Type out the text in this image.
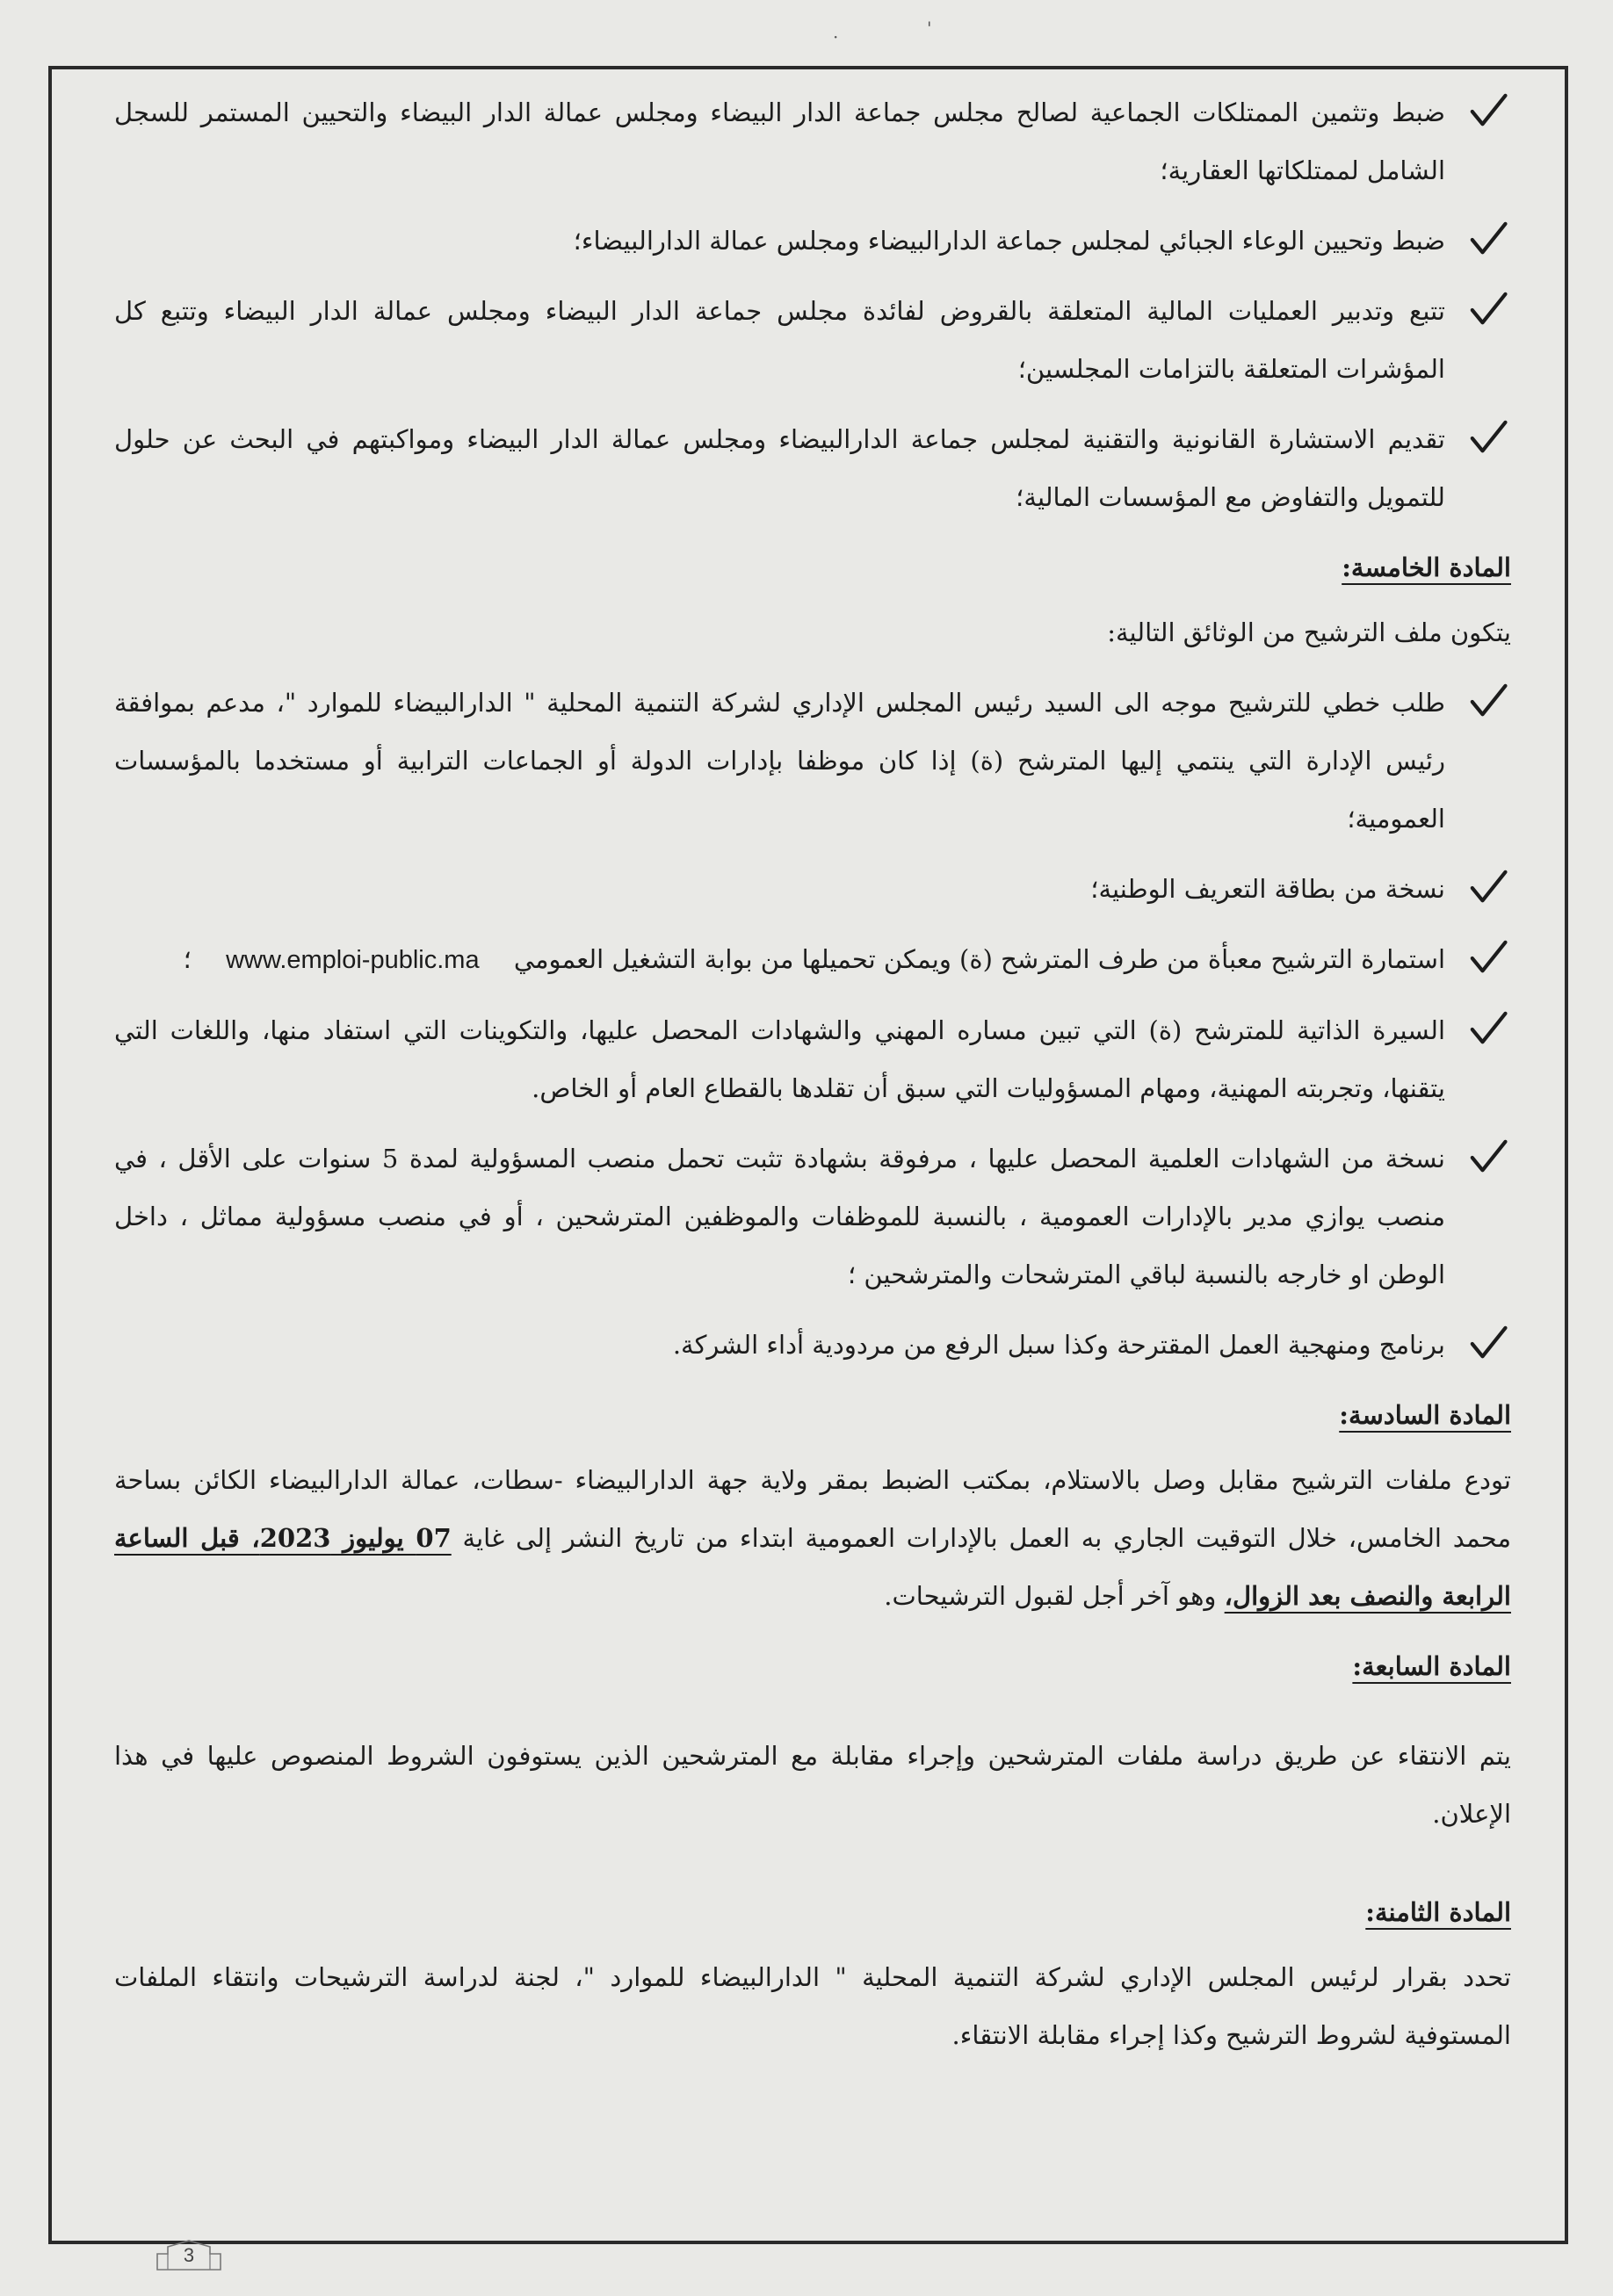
·	'
ضبط وتثمين الممتلكات الجماعية لصالح مجلس جماعة الدار البيضاء ومجلس عمالة الدار البيضاء والتحيين المستمر للسجل الشامل لممتلكاتها العقارية؛
ضبط وتحيين الوعاء الجبائي لمجلس جماعة الدارالبيضاء ومجلس عمالة الدارالبيضاء؛
تتبع وتدبير العمليات المالية المتعلقة بالقروض لفائدة مجلس جماعة الدار البيضاء ومجلس عمالة الدار البيضاء وتتبع كل المؤشرات المتعلقة بالتزامات المجلسين؛
تقديم الاستشارة القانونية والتقنية لمجلس جماعة الدارالبيضاء ومجلس عمالة الدار البيضاء ومواكبتهم في البحث عن حلول للتمويل والتفاوض مع المؤسسات المالية؛
المادة الخامسة:
يتكون ملف الترشيح من الوثائق التالية:
طلب خطي للترشيح موجه الى السيد رئيس المجلس الإداري لشركة التنمية المحلية " الدارالبيضاء للموارد "، مدعم بموافقة رئيس الإدارة التي ينتمي إليها المترشح (ة) إذا كان موظفا بإدارات الدولة أو الجماعات الترابية أو مستخدما بالمؤسسات العمومية؛
نسخة من بطاقة التعريف الوطنية؛
استمارة الترشيح معبأة من طرف المترشح (ة) ويمكن تحميلها من بوابة التشغيل العمومي www.emploi-public.ma ؛
السيرة الذاتية للمترشح (ة) التي تبين مساره المهني والشهادات المحصل عليها، والتكوينات التي استفاد منها، واللغات التي يتقنها، وتجربته المهنية، ومهام المسؤوليات التي سبق أن تقلدها بالقطاع العام أو الخاص.
نسخة من الشهادات العلمية المحصل عليها ، مرفوقة بشهادة تثبت تحمل منصب المسؤولية لمدة 5 سنوات على الأقل ، في منصب يوازي مدير بالإدارات العمومية ، بالنسبة للموظفات والموظفين المترشحين ، أو في منصب مسؤولية مماثل ، داخل الوطن او خارجه بالنسبة لباقي المترشحات والمترشحين ؛
برنامج ومنهجية العمل المقترحة وكذا سبل الرفع من مردودية أداء الشركة.
المادة السادسة:
تودع ملفات الترشيح مقابل وصل بالاستلام، بمكتب الضبط بمقر ولاية جهة الدارالبيضاء -سطات، عمالة الدارالبيضاء الكائن بساحة محمد الخامس، خلال التوقيت الجاري به العمل بالإدارات العمومية ابتداء من تاريخ النشر إلى غاية 07 يوليوز 2023، قبل الساعة الرابعة والنصف بعد الزوال، وهو آخر أجل لقبول الترشيحات.
المادة السابعة:
يتم الانتقاء عن طريق دراسة ملفات المترشحين وإجراء مقابلة مع المترشحين الذين يستوفون الشروط المنصوص عليها في هذا الإعلان.
المادة الثامنة:
تحدد بقرار لرئيس المجلس الإداري لشركة التنمية المحلية " الدارالبيضاء للموارد "، لجنة لدراسة الترشيحات وانتقاء الملفات المستوفية لشروط الترشيح وكذا إجراء مقابلة الانتقاء.
3
